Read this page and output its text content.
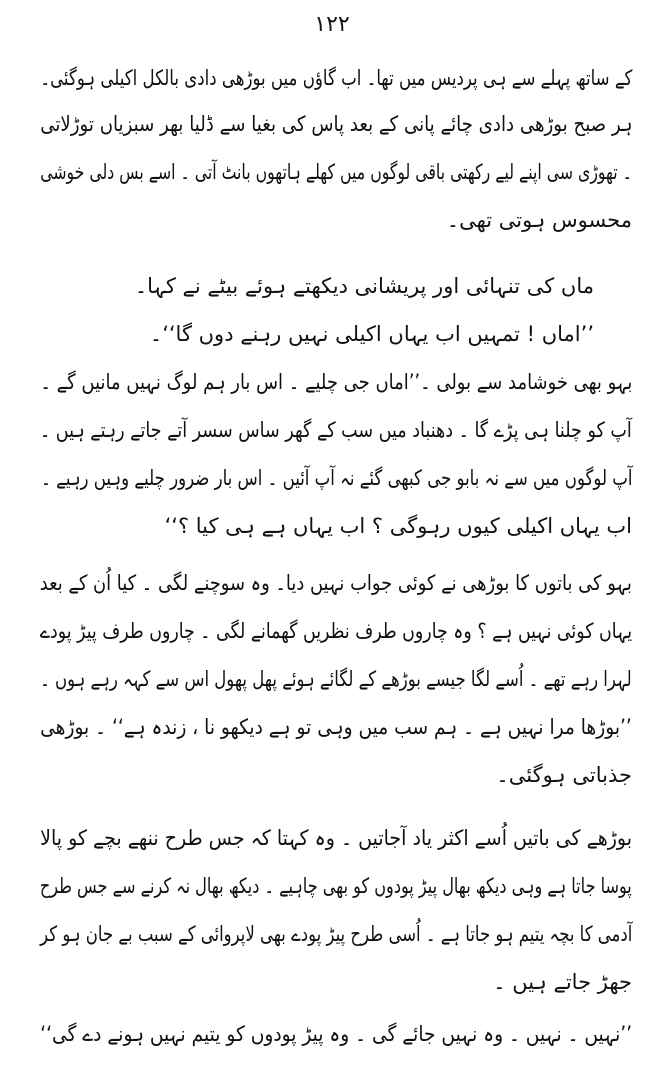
۱۲۲
کے ساتھ پہلے سے ہی پردیس میں تھا۔ اب گاؤں میں بوڑھی دادی بالکل اکیلی ہوگئی۔
ہر صبح بوڑھی دادی چائے پانی کے بعد پاس کی بغیا سے ڈلیا بھر سبزیاں توڑلاتی
۔ تھوڑی سی اپنے لیے رکھتی باقی لوگوں میں کھلے ہاتھوں بانٹ آتی ۔ اسے بس دلی خوشی
محسوس ہوتی تھی۔
ماں کی تنہائی اور پریشانی دیکھتے ہوئے بیٹے نے کہا۔
’’اماں ! تمہیں اب یہاں اکیلی نہیں رہنے دوں گا‘‘۔
بہو بھی خوشامد سے بولی ۔’’اماں جی چلیے ۔ اس بار ہم لوگ نہیں مانیں گے ۔
آپ کو چلنا ہی پڑے گا ۔ دھنباد میں سب کے گھر ساس سسر آتے جاتے رہتے ہیں ۔
آپ لوگوں میں سے نہ بابو جی کبھی گئے نہ آپ آئیں ۔ اس بار ضرور چلیے وہیں رہیے ۔
اب یہاں اکیلی کیوں رہوگی ؟ اب یہاں ہے ہی کیا ؟‘‘
بہو کی باتوں کا بوڑھی نے کوئی جواب نہیں دیا۔ وہ سوچنے لگی ۔ کیا اُن کے بعد
یہاں کوئی نہیں ہے ؟ وہ چاروں طرف نظریں گھمانے لگی ۔ چاروں طرف پیڑ پودے
لہرا رہے تھے ۔ اُسے لگا جیسے بوڑھے کے لگائے ہوئے پھل پھول اس سے کہہ رہے ہوں ۔
’’بوڑھا مرا نہیں ہے ۔ ہم سب میں وہی تو ہے دیکھو نا ، زندہ ہے‘‘ ۔ بوڑھی
جذباتی ہوگئی۔
بوڑھے کی باتیں اُسے اکثر یاد آجاتیں ۔ وہ کہتا کہ جس طرح ننھے بچے کو پالا
پوسا جاتا ہے وہی دیکھ بھال پیڑ پودوں کو بھی چاہیے ۔ دیکھ بھال نہ کرنے سے جس طرح
آدمی کا بچہ یتیم ہو جاتا ہے ۔ اُسی طرح پیڑ پودے بھی لاپروائی کے سبب بے جان ہو کر
جھڑ جاتے ہیں ۔
’’نہیں ۔ نہیں ۔ وہ نہیں جائے گی ۔ وہ پیڑ پودوں کو یتیم نہیں ہونے دے گی‘‘
